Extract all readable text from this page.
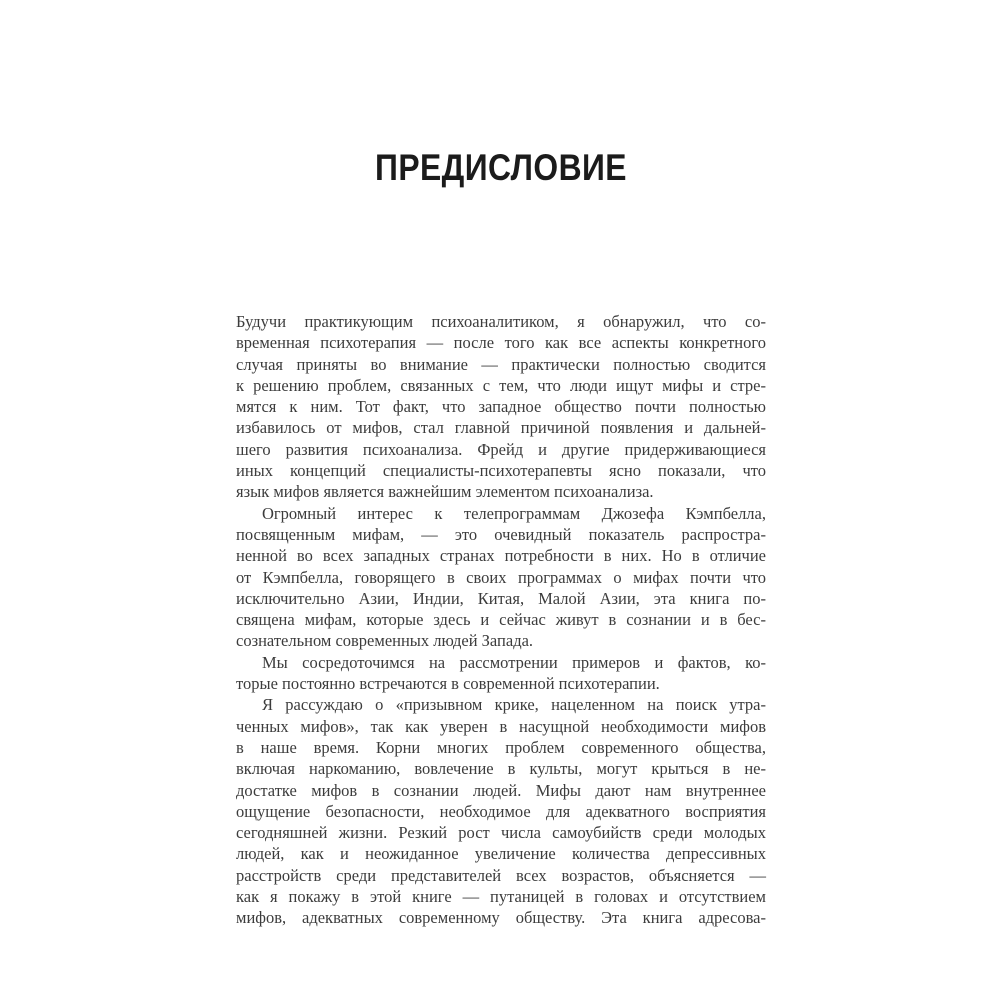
ПРЕДИСЛОВИЕ
Будучи практикующим психоаналитиком, я обнаружил, что со-
временная психотерапия — после того как все аспекты конкретного
случая приняты во внимание — практически полностью сводится
к решению проблем, связанных с тем, что люди ищут мифы и стре-
мятся к ним. Тот факт, что западное общество почти полностью
избавилось от мифов, стал главной причиной появления и дальней-
шего развития психоанализа. Фрейд и другие придерживающиеся
иных концепций специалисты-психотерапевты ясно показали, что
язык мифов является важнейшим элементом психоанализа.
Огромный интерес к телепрограммам Джозефа Кэмпбелла,
посвященным мифам, — это очевидный показатель распростра-
ненной во всех западных странах потребности в них. Но в отличие
от Кэмпбелла, говорящего в своих программах о мифах почти что
исключительно Азии, Индии, Китая, Малой Азии, эта книга по-
священа мифам, которые здесь и сейчас живут в сознании и в бес-
сознательном современных людей Запада.
Мы сосредоточимся на рассмотрении примеров и фактов, ко-
торые постоянно встречаются в современной психотерапии.
Я рассуждаю о «призывном крике, нацеленном на поиск утра-
ченных мифов», так как уверен в насущной необходимости мифов
в наше время. Корни многих проблем современного общества,
включая наркоманию, вовлечение в культы, могут крыться в не-
достатке мифов в сознании людей. Мифы дают нам внутреннее
ощущение безопасности, необходимое для адекватного восприятия
сегодняшней жизни. Резкий рост числа самоубийств среди молодых
людей, как и неожиданное увеличение количества депрессивных
расстройств среди представителей всех возрастов, объясняется —
как я покажу в этой книге — путаницей в головах и отсутствием
мифов, адекватных современному обществу. Эта книга адресова-
